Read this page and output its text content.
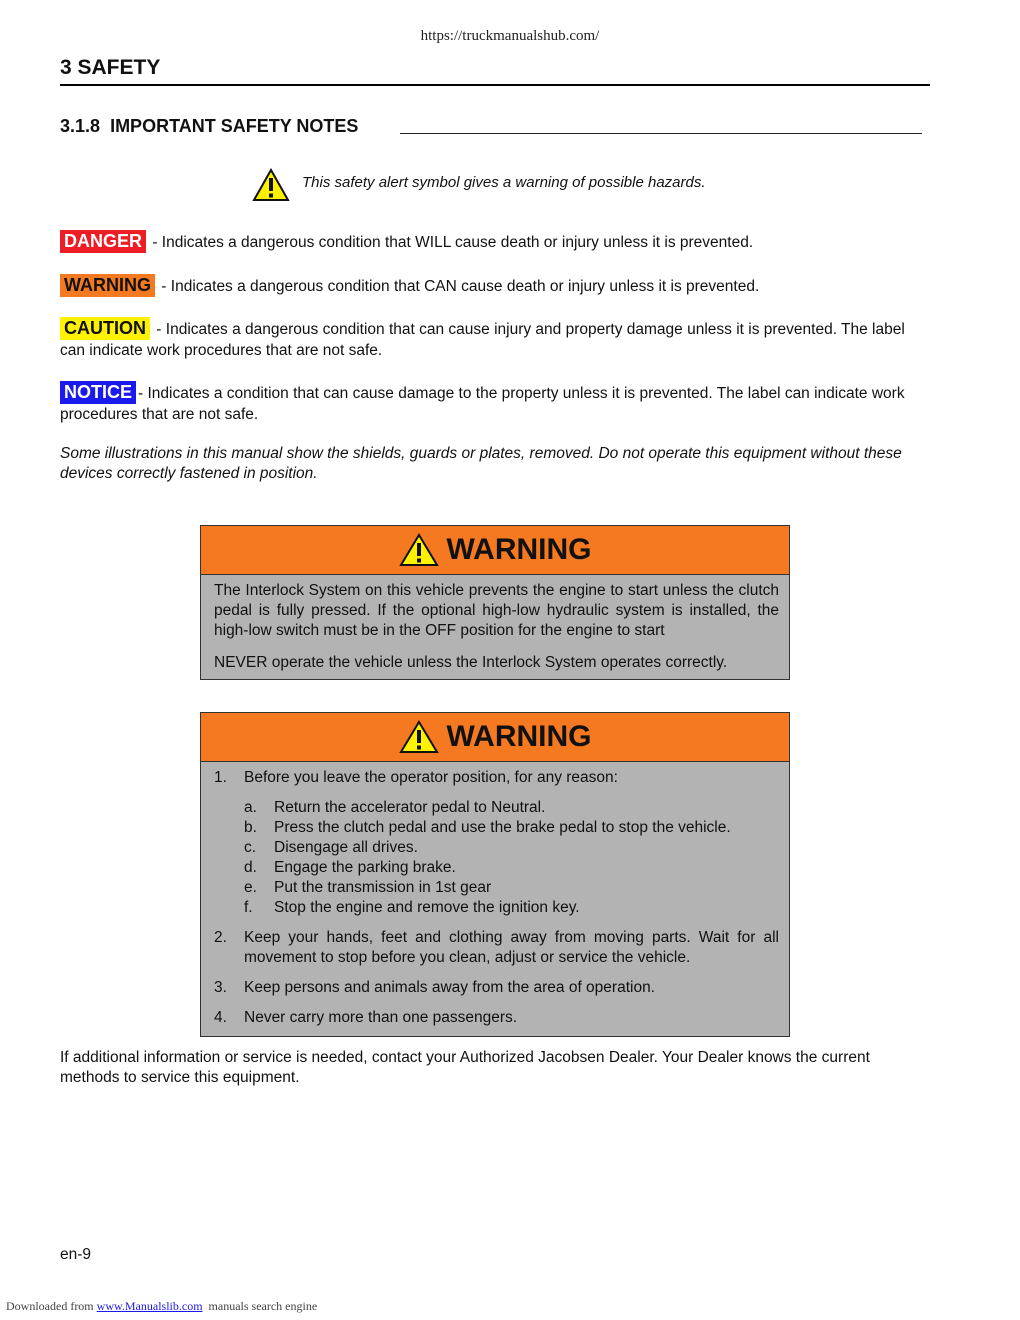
https://truckmanualshub.com/
3 SAFETY
3.1.8 IMPORTANT SAFETY NOTES
This safety alert symbol gives a warning of possible hazards.
DANGER - Indicates a dangerous condition that WILL cause death or injury unless it is prevented.
WARNING - Indicates a dangerous condition that CAN cause death or injury unless it is prevented.
CAUTION - Indicates a dangerous condition that can cause injury and property damage unless it is prevented. The label can indicate work procedures that are not safe.
NOTICE - Indicates a condition that can cause damage to the property unless it is prevented. The label can indicate work procedures that are not safe.
Some illustrations in this manual show the shields, guards or plates, removed. Do not operate this equipment without these devices correctly fastened in position.
WARNING

The Interlock System on this vehicle prevents the engine to start unless the clutch pedal is fully pressed. If the optional high-low hydraulic system is installed, the high-low switch must be in the OFF position for the engine to start

NEVER operate the vehicle unless the Interlock System operates correctly.

WARNING
1.	Before you leave the operator position, for any reason:
a.	Return the accelerator pedal to Neutral.
b.	Press the clutch pedal and use the brake pedal to stop the vehicle.
c.	Disengage all drives.
d.	Engage the parking brake.
e.	Put the transmission in 1st gear
f.	Stop the engine and remove the ignition key.
2.	Keep your hands, feet and clothing away from moving parts. Wait for all movement to stop before you clean, adjust or service the vehicle.
3.	Keep persons and animals away from the area of operation.
4.	Never carry more than one passengers.
If additional information or service is needed, contact your Authorized Jacobsen Dealer. Your Dealer knows the current methods to service this equipment.
en-9
Downloaded from www.Manualslib.com  manuals search engine
